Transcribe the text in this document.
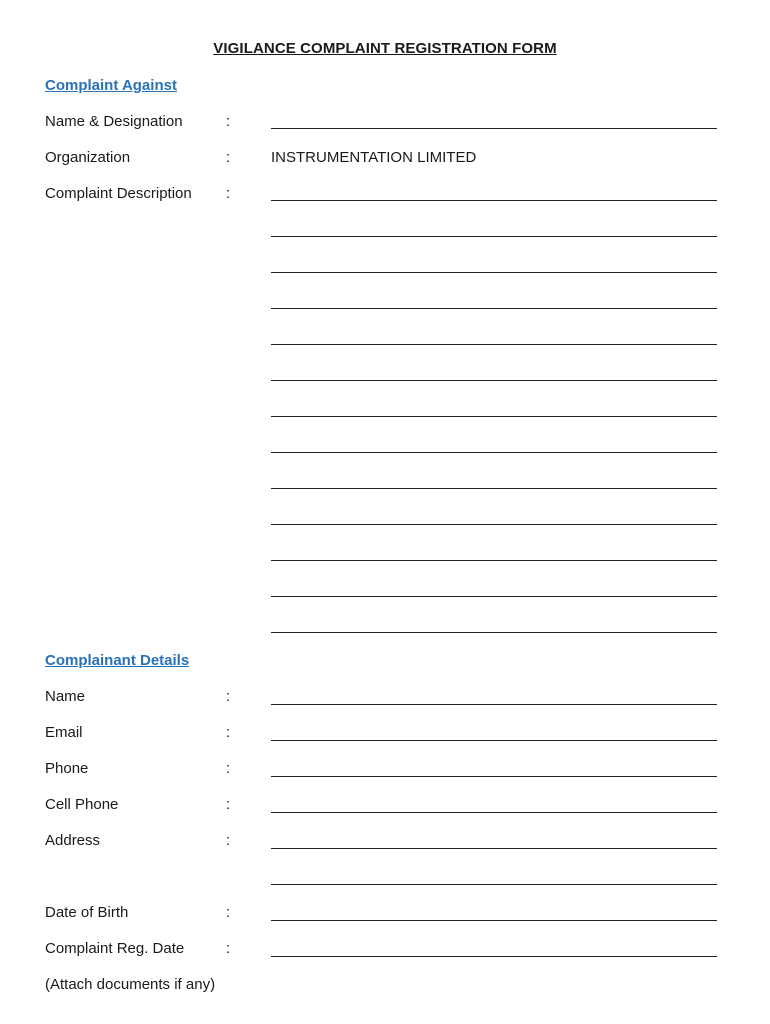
VIGILANCE COMPLAINT REGISTRATION FORM
Complaint Against
Name & Designation	:
Organization	:	INSTRUMENTATION LIMITED
Complaint Description :
Complainant Details
Name	:
Email	:
Phone	:
Cell Phone	:
Address	:
Date of Birth	:
Complaint Reg. Date	:
(Attach documents if any)
